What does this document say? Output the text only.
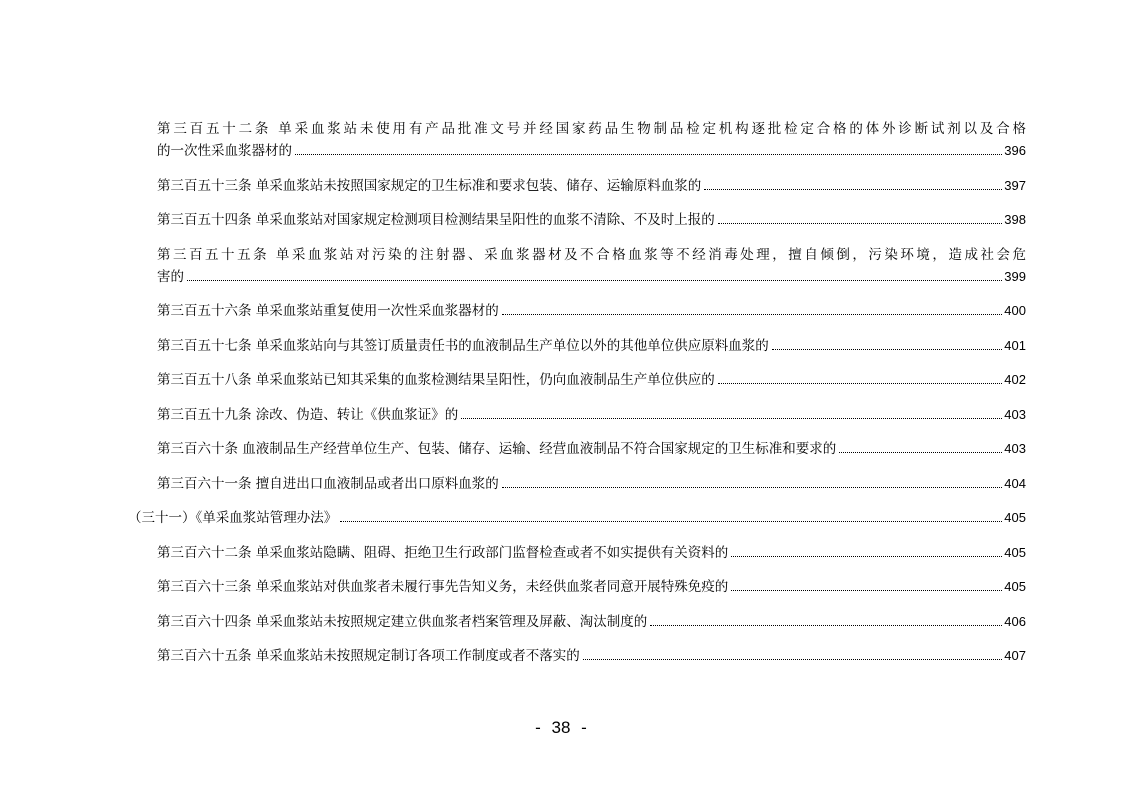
第三百五十二条 单采血浆站未使用有产品批准文号并经国家药品生物制品检定机构逐批检定合格的体外诊断试剂以及合格
的一次性采血浆器材的	396
第三百五十三条 单采血浆站未按照国家规定的卫生标准和要求包装、储存、运输原料血浆的	397
第三百五十四条 单采血浆站对国家规定检测项目检测结果呈阳性的血浆不清除、不及时上报的	398
第三百五十五条 单采血浆站对污染的注射器、采血浆器材及不合格血浆等不经消毒处理，擅自倾倒，污染环境，造成社会危
害的	399
第三百五十六条 单采血浆站重复使用一次性采血浆器材的	400
第三百五十七条 单采血浆站向与其签订质量责任书的血液制品生产单位以外的其他单位供应原料血浆的	401
第三百五十八条 单采血浆站已知其采集的血浆检测结果呈阳性，仍向血液制品生产单位供应的	402
第三百五十九条 涂改、伪造、转让《供血浆证》的	403
第三百六十条 血液制品生产经营单位生产、包装、储存、运输、经营血液制品不符合国家规定的卫生标准和要求的	403
第三百六十一条 擅自进出口血液制品或者出口原料血浆的	404
（三十一）《单采血浆站管理办法》	405
第三百六十二条 单采血浆站隐瞒、阻碍、拒绝卫生行政部门监督检查或者不如实提供有关资料的	405
第三百六十三条 单采血浆站对供血浆者未履行事先告知义务，未经供血浆者同意开展特殊免疫的	405
第三百六十四条 单采血浆站未按照规定建立供血浆者档案管理及屏蔽、淘汰制度的	406
第三百六十五条 单采血浆站未按照规定制订各项工作制度或者不落实的	407
- 38 -
